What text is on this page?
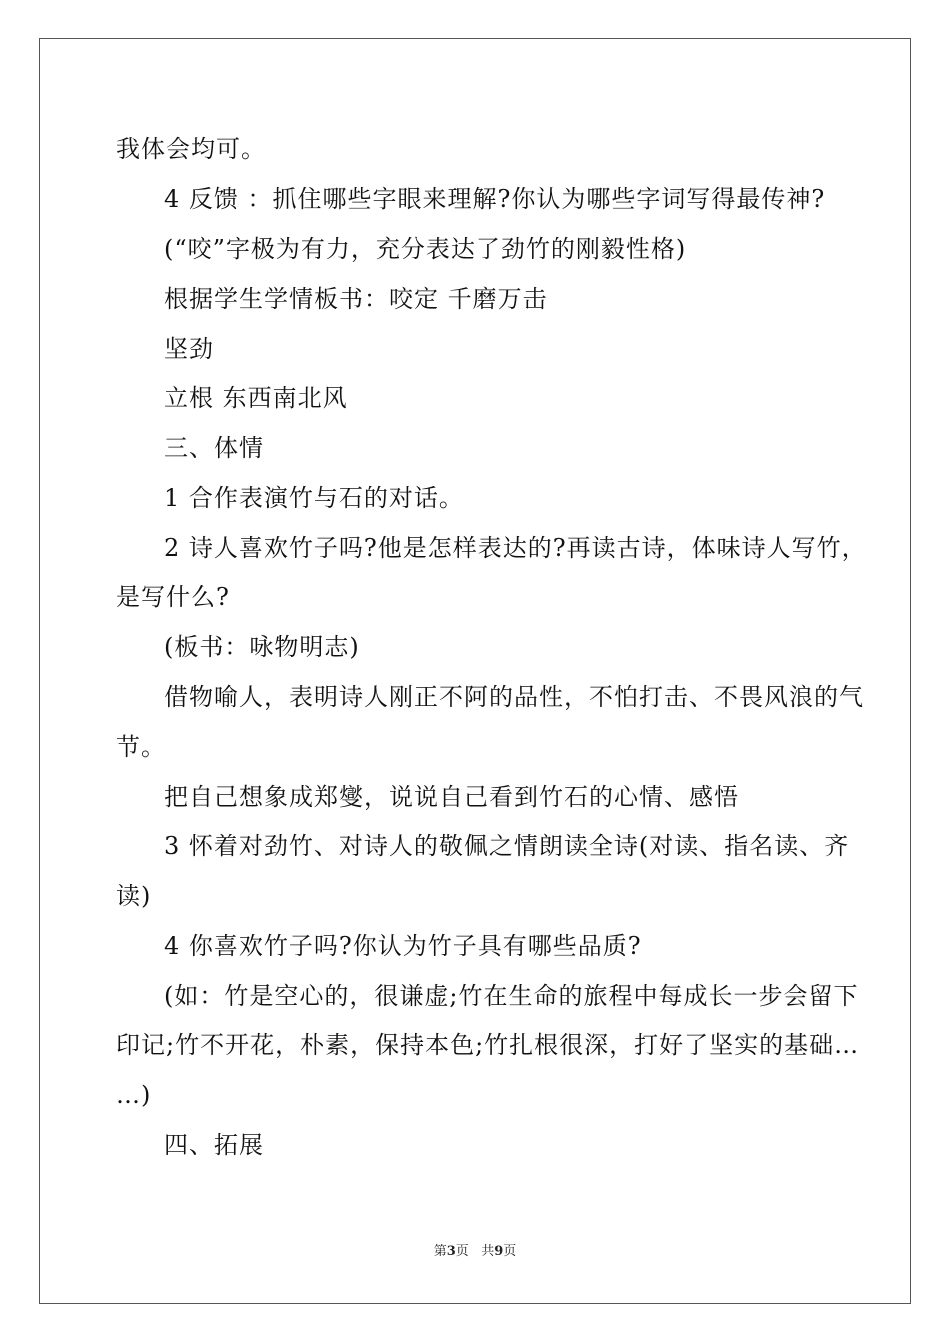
我体会均可。
4 反馈 ：抓住哪些字眼来理解?你认为哪些字词写得最传神?
(“咬”字极为有力，充分表达了劲竹的刚毅性格)
根据学生学情板书：咬定 千磨万击
坚劲
立根 东西南北风
三、体情
1 合作表演竹与石的对话。
2 诗人喜欢竹子吗?他是怎样表达的?再读古诗，体味诗人写竹，
是写什么?
(板书：咏物明志)
借物喻人，表明诗人刚正不阿的品性，不怕打击、不畏风浪的气
节。
把自己想象成郑燮，说说自己看到竹石的心情、感悟
3 怀着对劲竹、对诗人的敬佩之情朗读全诗(对读、指名读、齐
读)
4 你喜欢竹子吗?你认为竹子具有哪些品质?
(如：竹是空心的，很谦虚;竹在生命的旅程中每成长一步会留下
印记;竹不开花，朴素，保持本色;竹扎根很深，打好了坚实的基础…
…)
四、拓展
第3页   共9页
